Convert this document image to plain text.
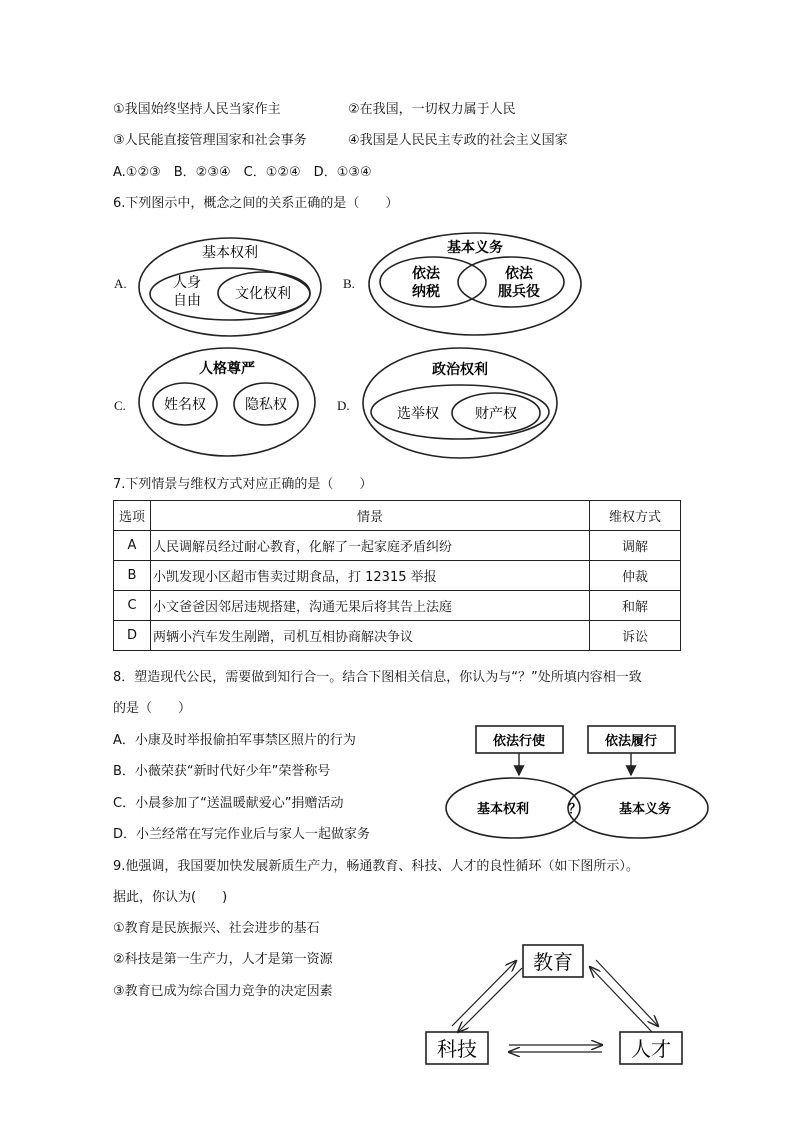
①我国始终坚持人民当家作主	②在我国，一切权力属于人民
③人民能直接管理国家和社会事务	④我国是人民民主专政的社会主义国家
A.①②③　B．②③④　C．①②④　D．①③④
6.下列图示中，概念之间的关系正确的是（　　）
A.
基本权利
人身
自由 文化权利
B.
基本义务
依法
纳税
依法
服兵役
C.
人格尊严
姓名权	隐私权	D.
政治权利
选举权	财产权
7.下列情景与维权方式对应正确的是（　　）
选项	情景	维权方式
A	人民调解员经过耐心教育，化解了一起家庭矛盾纠纷	调解
B	小凯发现小区超市售卖过期食品，打 12315 举报	仲裁
C	小文爸爸因邻居违规搭建，沟通无果后将其告上法庭	和解
D	两辆小汽车发生剐蹭，司机互相协商解决争议	诉讼
8．塑造现代公民，需要做到知行合一。结合下图相关信息，你认为与“？”处所填内容相一致
的是（　　）
A．小康及时举报偷拍军事禁区照片的行为
B．小薇荣获“新时代好少年”荣誉称号
C．小晨参加了“送温暖献爱心”捐赠活动
D．小兰经常在写完作业后与家人一起做家务
依法行使	依法履行
基本权利	？	基本义务
9.他强调，我国要加快发展新质生产力，畅通教育、科技、人才的良性循环（如下图所示）。
据此，你认为(　　)
①教育是民族振兴、社会进步的基石
②科技是第一生产力，人才是第一资源
③教育已成为综合国力竞争的决定因素
教育
科技	人才
